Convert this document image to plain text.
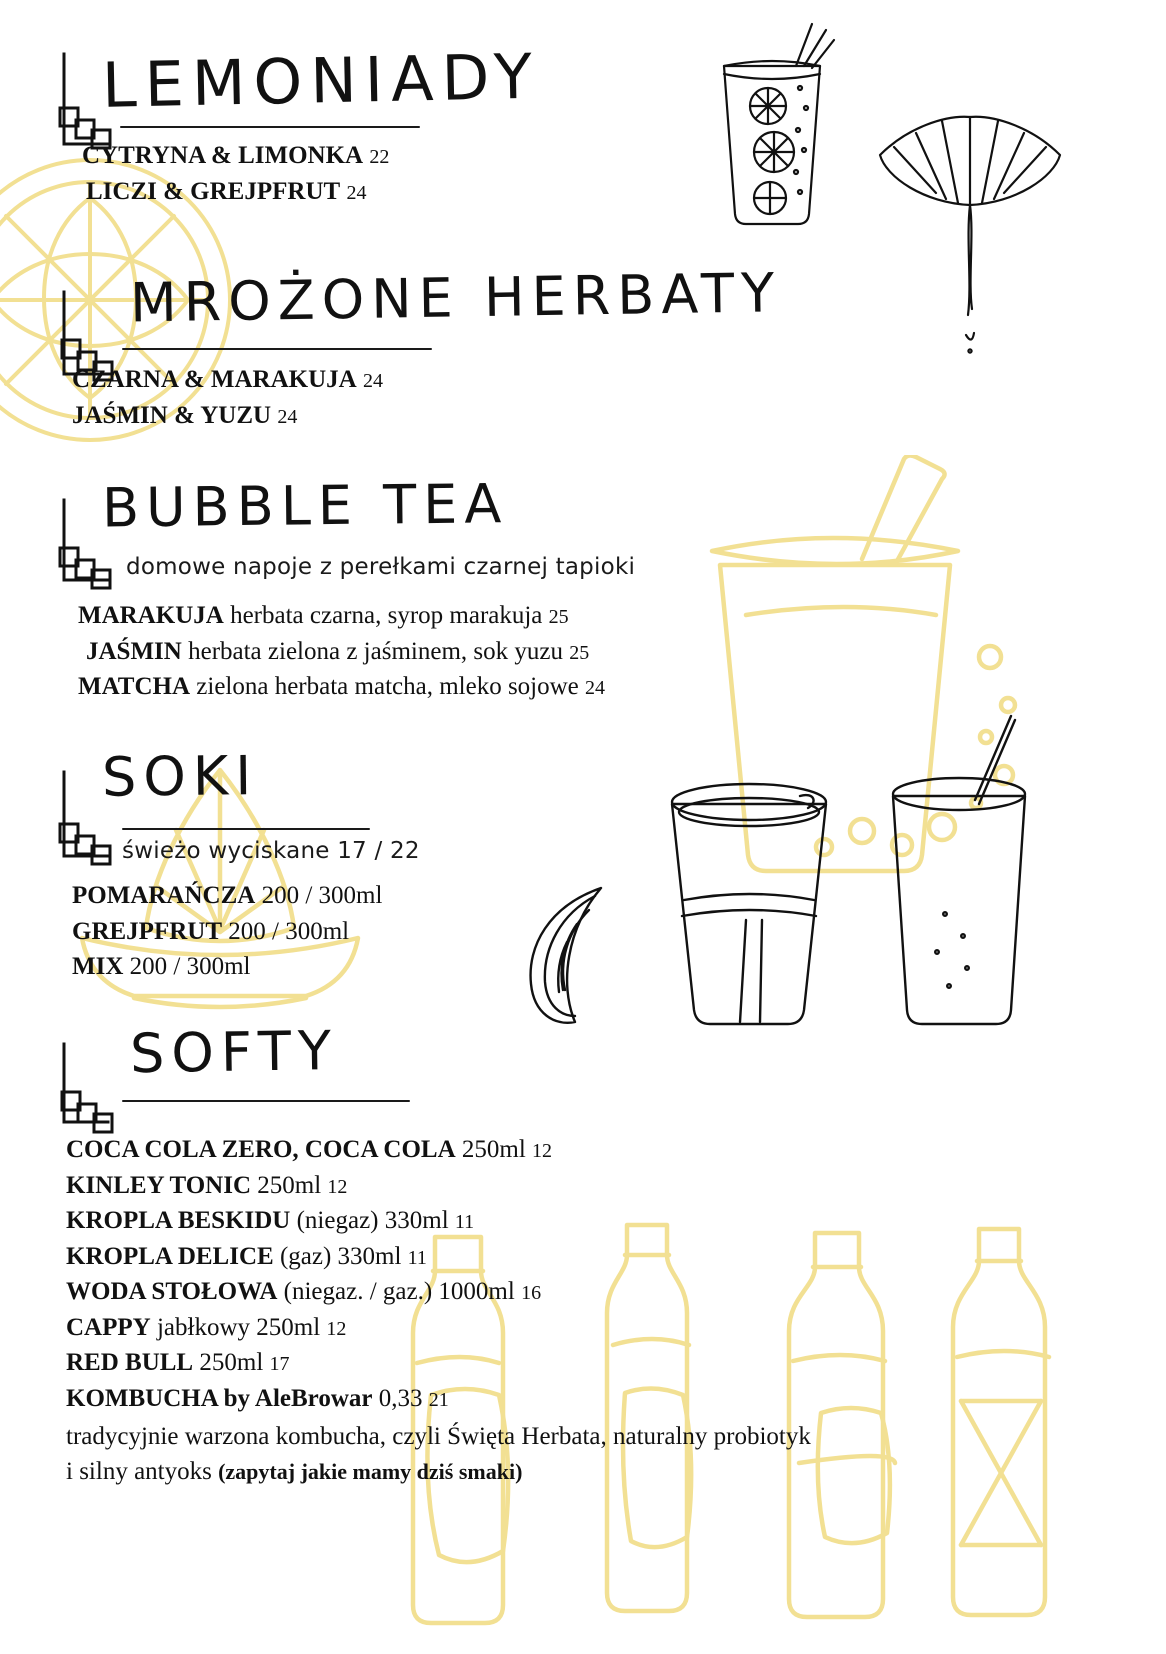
LEMONIADY
CYTRYNA & LIMONKA 22
LICZI & GREJPFRUT 24
MROŻONE HERBATY
CZARNA & MARAKUJA 24
JAŚMIN & YUZU 24
BUBBLE TEA
domowe napoje z perełkami czarnej tapioki
MARAKUJA herbata czarna, syrop marakuja 25
JAŚMIN herbata zielona z jaśminem, sok yuzu 25
MATCHA zielona herbata matcha, mleko sojowe 24
SOKI
świeżo wyciskane 17 / 22
POMARAŃCZA 200 / 300ml
GREJPFRUT 200 / 300ml
MIX 200 / 300ml
SOFTY
COCA COLA ZERO, COCA COLA 250ml 12
KINLEY TONIC 250ml 12
KROPLA BESKIDU (niegaz) 330ml 11
KROPLA DELICE (gaz) 330ml 11
WODA STOŁOWA (niegaz. / gaz.) 1000ml 16
CAPPY jabłkowy 250ml 12
RED BULL 250ml 17
KOMBUCHA by AleBrowar 0,33 21
tradycyjnie warzona kombucha, czyli Święta Herbata, naturalny probiotyk
i silny antyoks (zapytaj jakie mamy dziś smaki)
